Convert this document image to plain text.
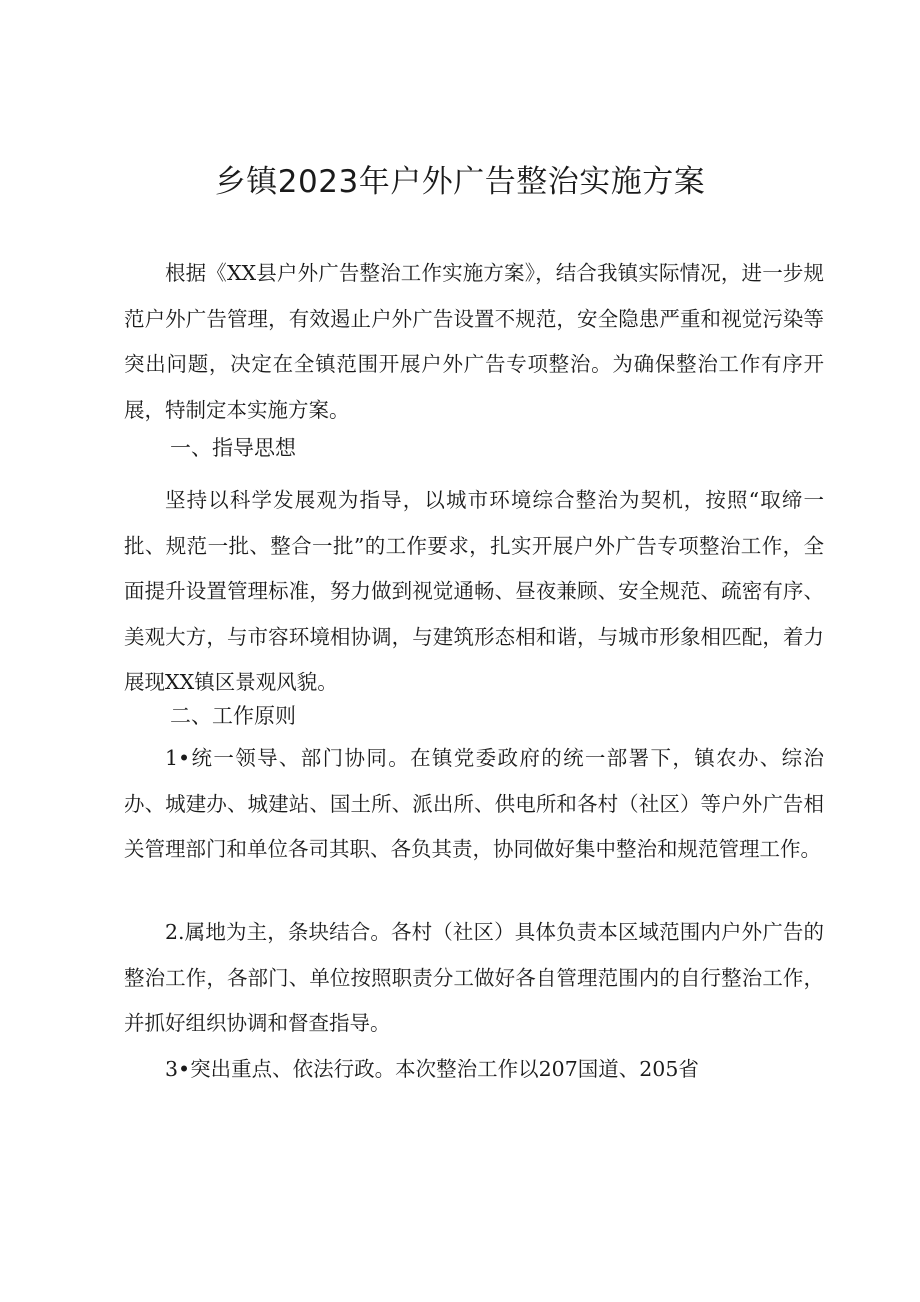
乡镇2023年户外广告整治实施方案
根据《XX县户外广告整治工作实施方案》，结合我镇实际情况，进一步规范户外广告管理，有效遏止户外广告设置不规范，安全隐患严重和视觉污染等突出问题，决定在全镇范围开展户外广告专项整治。为确保整治工作有序开展，特制定本实施方案。
一、指导思想
坚持以科学发展观为指导，以城市环境综合整治为契机，按照“取缔一批、规范一批、整合一批”的工作要求，扎实开展户外广告专项整治工作，全面提升设置管理标准，努力做到视觉通畅、昼夜兼顾、安全规范、疏密有序、美观大方，与市容环境相协调，与建筑形态相和谐，与城市形象相匹配，着力展现XX镇区景观风貌。
二、工作原则
1•统一领导、部门协同。在镇党委政府的统一部署下，镇农办、综治办、城建办、城建站、国土所、派出所、供电所和各村（社区）等户外广告相关管理部门和单位各司其职、各负其责，协同做好集中整治和规范管理工作。
2.属地为主，条块结合。各村（社区）具体负责本区域范围内户外广告的整治工作，各部门、单位按照职责分工做好各自管理范围内的自行整治工作，并抓好组织协调和督查指导。
3•突出重点、依法行政。本次整治工作以207国道、205省
